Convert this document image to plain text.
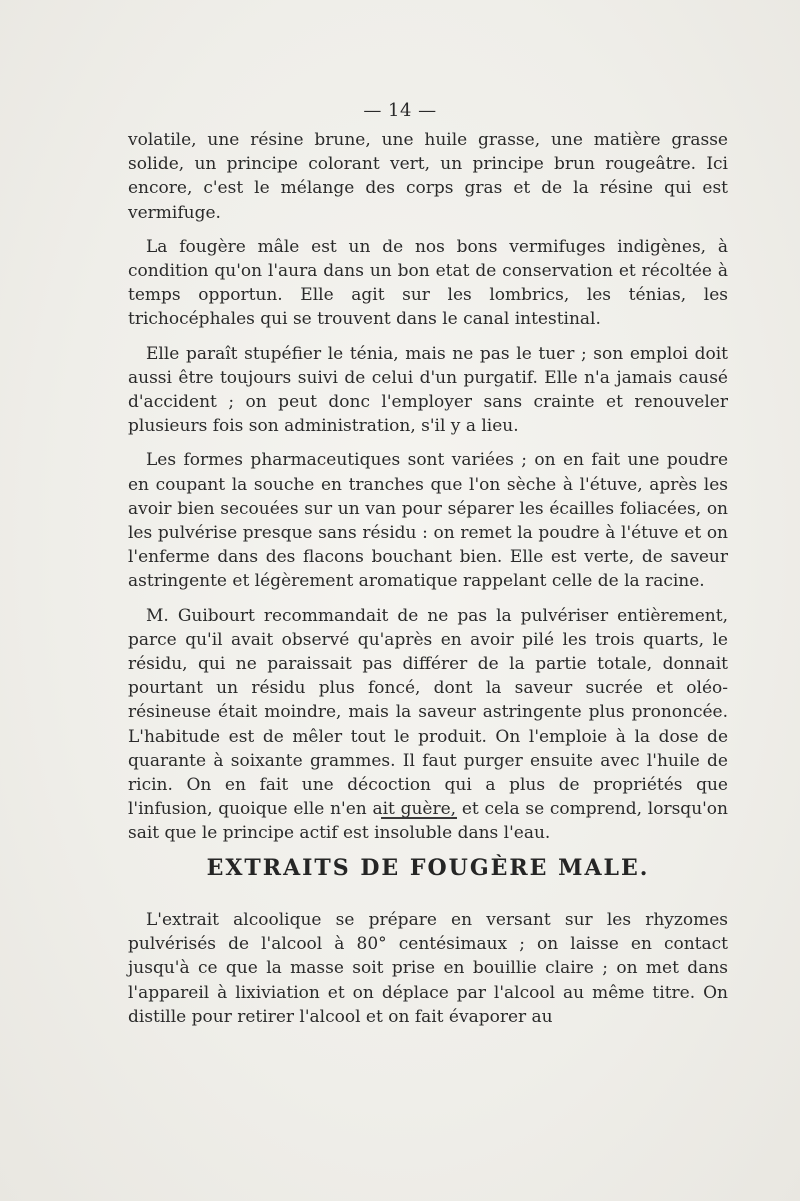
— 14 —

volatile, une résine brune, une huile grasse, une matière grasse solide, un principe colorant vert, un principe brun rougeâtre. Ici encore, c'est le mélange des corps gras et de la résine qui est vermifuge.

La fougère mâle est un de nos bons vermifuges indigènes, à condition qu'on l'aura dans un bon etat de conservation et récoltée à temps opportun. Elle agit sur les lombrics, les ténias, les trichocéphales qui se trouvent dans le canal intestinal.

Elle paraît stupéfier le ténia, mais ne pas le tuer ; son emploi doit aussi être toujours suivi de celui d'un purgatif. Elle n'a jamais causé d'accident ; on peut donc l'employer sans crainte et renouveler plusieurs fois son administration, s'il y a lieu.

Les formes pharmaceutiques sont variées ; on en fait une poudre en coupant la souche en tranches que l'on sèche à l'étuve, après les avoir bien secouées sur un van pour séparer les écailles foliacées, on les pulvérise presque sans résidu : on remet la poudre à l'étuve et on l'enferme dans des flacons bouchant bien. Elle est verte, de saveur astringente et légèrement aromatique rappelant celle de la racine.

M. Guibourt recommandait de ne pas la pulvériser entièrement, parce qu'il avait observé qu'après en avoir pilé les trois quarts, le résidu, qui ne paraissait pas différer de la partie totale, donnait pourtant un résidu plus foncé, dont la saveur sucrée et oléo-résineuse était moindre, mais la saveur astringente plus prononcée. L'habitude est de mêler tout le produit. On l'emploie à la dose de quarante à soixante grammes. Il faut purger ensuite avec l'huile de ricin. On en fait une décoction qui a plus de propriétés que l'infusion, quoique elle n'en ait guère, et cela se comprend, lorsqu'on sait que le principe actif est insoluble dans l'eau.

EXTRAITS DE FOUGÈRE MALE.

L'extrait alcoolique se prépare en versant sur les rhyzomes pulvérisés de l'alcool à 80° centésimaux ; on laisse en contact jusqu'à ce que la masse soit prise en bouillie claire ; on met dans l'appareil à lixiviation et on déplace par l'alcool au même titre. On distille pour retirer l'alcool et on fait évaporer au
